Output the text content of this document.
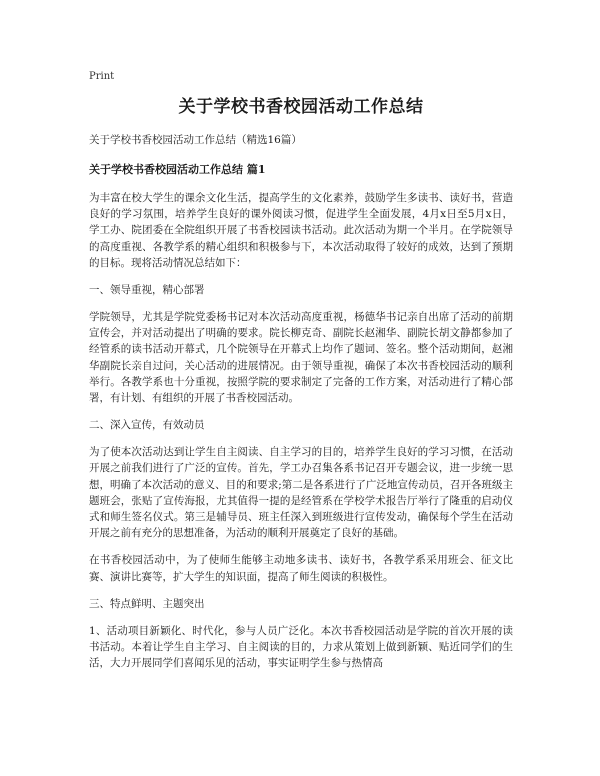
Print
关于学校书香校园活动工作总结
关于学校书香校园活动工作总结（精选16篇）
关于学校书香校园活动工作总结 篇1
为丰富在校大学生的课余文化生活，提高学生的文化素养，鼓励学生多读书、读好书，营造良好的学习氛围，培养学生良好的课外阅读习惯，促进学生全面发展，4月x日至5月x日，学工办、院团委在全院组织开展了书香校园读书活动。此次活动为期一个半月。在学院领导的高度重视、各教学系的精心组织和积极参与下，本次活动取得了较好的成效，达到了预期的目标。现将活动情况总结如下：
一、领导重视，精心部署
学院领导，尤其是学院党委杨书记对本次活动高度重视，杨德华书记亲自出席了活动的前期宣传会，并对活动提出了明确的要求。院长柳克奇、副院长赵湘华、副院长胡文静都参加了经管系的读书活动开幕式，几个院领导在开幕式上均作了题词、签名。整个活动期间，赵湘华副院长亲自过问，关心活动的进展情况。由于领导重视，确保了本次书香校园活动的顺利举行。各教学系也十分重视，按照学院的要求制定了完备的工作方案，对活动进行了精心部署，有计划、有组织的开展了书香校园活动。
二、深入宣传，有效动员
为了使本次活动达到让学生自主阅读、自主学习的目的，培养学生良好的学习习惯，在活动开展之前我们进行了广泛的宣传。首先，学工办召集各系书记召开专题会议，进一步统一思想，明确了本次活动的意义、目的和要求;第二是各系进行了广泛地宣传动员，召开各班级主题班会，张贴了宣传海报，尤其值得一提的是经管系在学校学术报告厅举行了隆重的启动仪式和师生签名仪式。第三是辅导员、班主任深入到班级进行宣传发动，确保每个学生在活动开展之前有充分的思想准备，为活动的顺利开展奠定了良好的基础。
在书香校园活动中，为了使师生能够主动地多读书、读好书，各教学系采用班会、征文比赛、演讲比赛等，扩大学生的知识面，提高了师生阅读的积极性。
三、特点鲜明、主题突出
1、活动项目新颖化、时代化，参与人员广泛化。本次书香校园活动是学院的首次开展的读书活动。本着让学生自主学习、自主阅读的目的，力求从策划上做到新颖、贴近同学们的生活，大力开展同学们喜闻乐见的活动，事实证明学生参与热情高
